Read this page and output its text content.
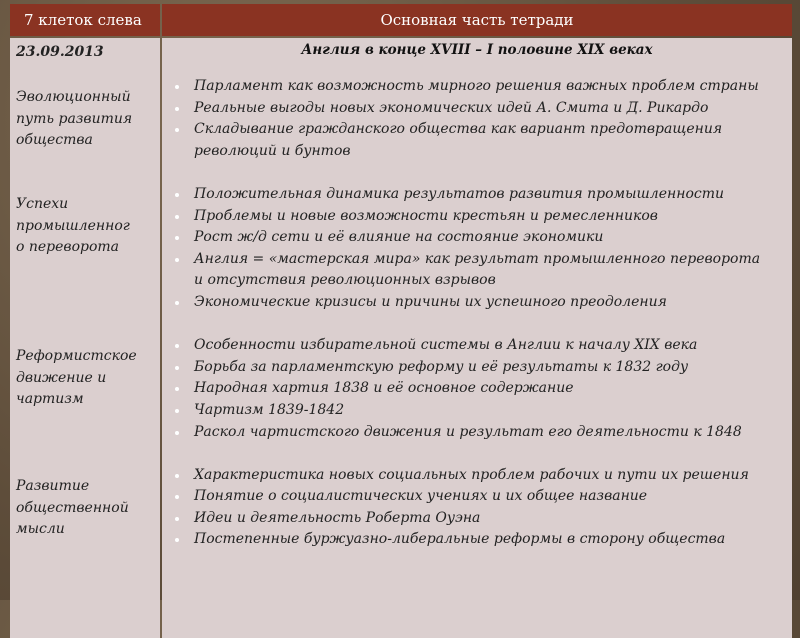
7 клеток слева	Основная часть тетради
23.09.2013
Эволюционный
путь развития
общества
Успехи
промышленног
о переворота
Реформистское
движение и
чартизм
Развитие
общественной
мысли
Англия в конце XVIII – I половине XIX веках
Парламент как возможность мирного решения важных проблем страны
Реальные выгоды новых экономических идей А. Смита и Д. Рикардо
Складывание гражданского общества как вариант предотвращения революций и бунтов
Положительная динамика результатов развития промышленности
Проблемы и новые возможности крестьян и ремесленников
Рост ж/д сети и её влияние на состояние экономики
Англия = «мастерская мира» как результат промышленного переворота и отсутствия революционных взрывов
Экономические кризисы и причины их успешного преодоления
Особенности избирательной системы в Англии к началу XIX века
Борьба за парламентскую реформу и её результаты к 1832 году
Народная хартия 1838 и её основное содержание
Чартизм 1839-1842
Раскол чартистского движения и результат его деятельности к 1848
Характеристика новых социальных проблем рабочих и пути их решения
Понятие о социалистических учениях и их общее название
Идеи и деятельность Роберта Оуэна
Постепенные буржуазно-либеральные реформы в сторону общества
